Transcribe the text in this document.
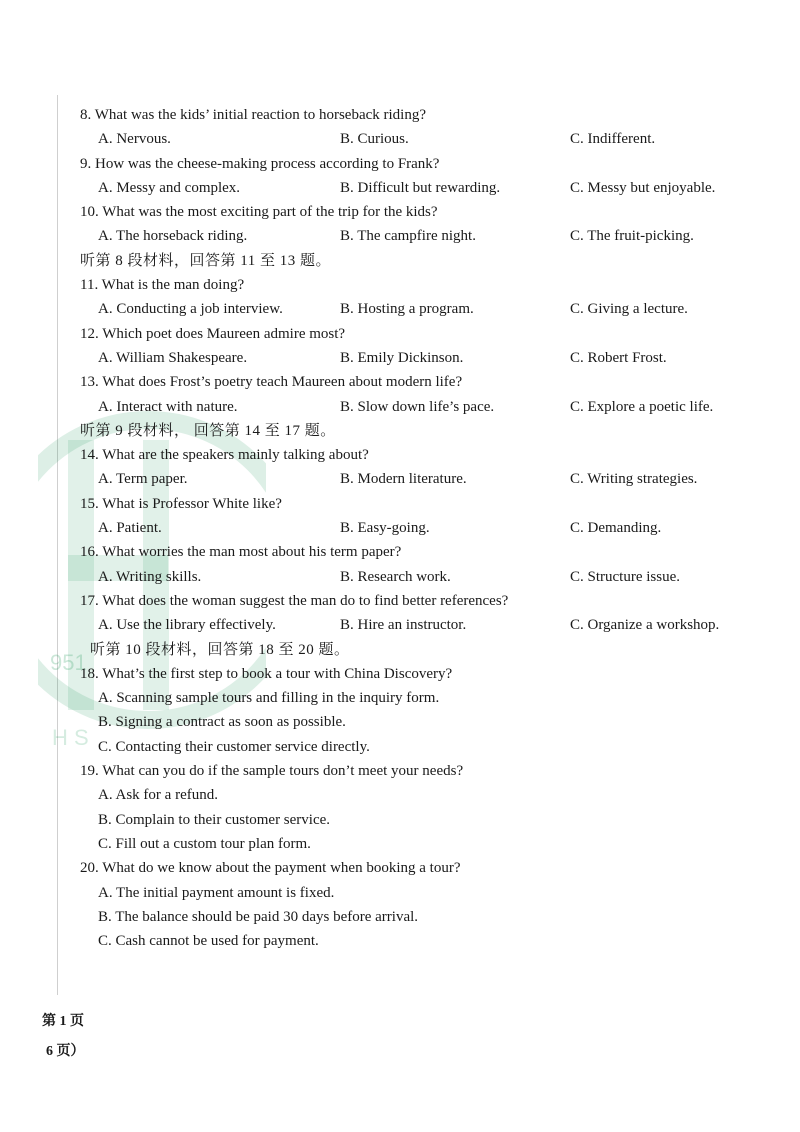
951
H S
8. What was the kids’ initial reaction to horseback riding?
A. Nervous.	B. Curious.	C. Indifferent.
9. How was the cheese-making process according to Frank?
A. Messy and complex.	B. Difficult but rewarding.	C. Messy but enjoyable.
10. What was the most exciting part of the trip for the kids?
A. The horseback riding.	B. The campfire night.	C. The fruit-picking.
听第 8 段材料，回答第 11 至 13 题。
11. What is the man doing?
A. Conducting a job interview.	B. Hosting a program.	C. Giving a lecture.
12. Which poet does Maureen admire most?
A. William Shakespeare.	B. Emily Dickinson.	C. Robert Frost.
13. What does Frost’s poetry teach Maureen about modern life?
A. Interact with nature.	B. Slow down life’s pace.	C. Explore a poetic life.
听第 9 段材料， 回答第 14 至 17 题。
14. What are the speakers mainly talking about?
A. Term paper.	B. Modern literature.	C. Writing strategies.
15. What is Professor White like?
A. Patient.	B. Easy-going.	C. Demanding.
16. What worries the man most about his term paper?
A. Writing skills.	B. Research work.	C. Structure issue.
17. What does the woman suggest the man do to find better references?
A. Use the library effectively.	B. Hire an instructor.	C. Organize a workshop.
听第 10 段材料，回答第 18 至 20 题。
18. What’s the first step to book a tour with China Discovery?
A. Scanning sample tours and filling in the inquiry form.
B. Signing a contract as soon as possible.
C. Contacting their customer service directly.
19. What can you do if the sample tours don’t meet your needs?
A. Ask for a refund.
B. Complain to their customer service.
C. Fill out a custom tour plan form.
20. What do we know about the payment when booking a tour?
A. The initial payment amount is fixed.
B. The balance should be paid 30 days before arrival.
C. Cash cannot be used for payment.
第 1 页
6 页）
